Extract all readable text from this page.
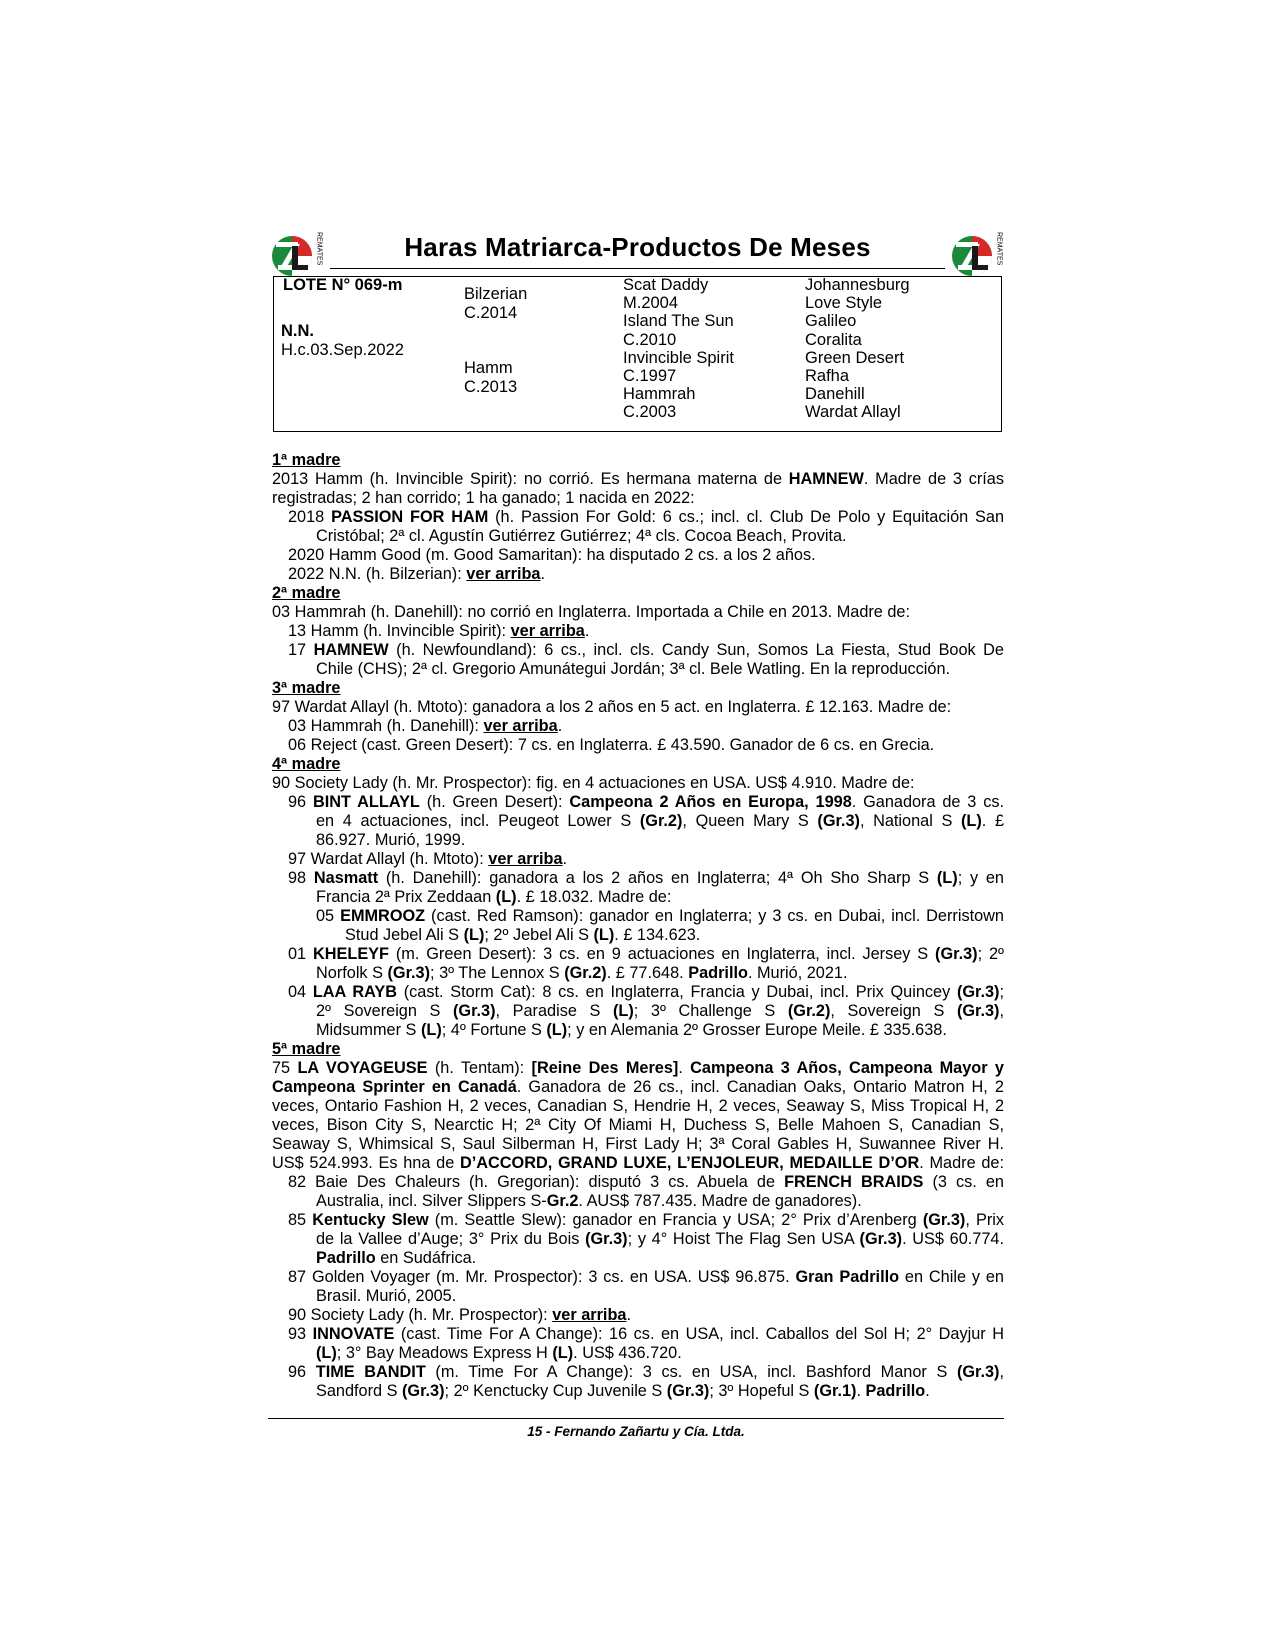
REMATES	REMATES
Haras Matriarca-Productos De Meses
LOTE N° 069-m
N.N.
H.c.03.Sep.2022
Bilzerian
C.2014
Hamm
C.2013
Scat Daddy
M.2004
Island The Sun
C.2010
Invincible Spirit
C.1997
Hammrah
C.2003
Johannesburg
Love Style
Galileo
Coralita
Green Desert
Rafha
Danehill
Wardat Allayl
1ª madre
2013 Hamm (h. Invincible Spirit): no corrió. Es hermana materna de HAMNEW. Madre de 3 crías
registradas; 2 han corrido; 1 ha ganado; 1 nacida en 2022:
2018 PASSION FOR HAM (h. Passion For Gold: 6 cs.; incl. cl. Club De Polo y Equitación San
Cristóbal; 2ª cl. Agustín Gutiérrez Gutiérrez; 4ª cls. Cocoa Beach, Provita.
2020 Hamm Good (m. Good Samaritan): ha disputado 2 cs. a los 2 años.
2022 N.N. (h. Bilzerian): ver arriba.
2ª madre
03 Hammrah (h. Danehill): no corrió en Inglaterra. Importada a Chile en 2013. Madre de:
13 Hamm (h. Invincible Spirit): ver arriba.
17 HAMNEW (h. Newfoundland): 6 cs., incl. cls. Candy Sun, Somos La Fiesta, Stud Book De
Chile (CHS); 2ª cl. Gregorio Amunátegui Jordán; 3ª cl. Bele Watling. En la reproducción.
3ª madre
97 Wardat Allayl (h. Mtoto): ganadora a los 2 años en 5 act. en Inglaterra. £ 12.163. Madre de:
03 Hammrah (h. Danehill): ver arriba.
06 Reject (cast. Green Desert): 7 cs. en Inglaterra. £ 43.590. Ganador de 6 cs. en Grecia.
4ª madre
90 Society Lady (h. Mr. Prospector): fig. en 4 actuaciones en USA. US$ 4.910. Madre de:
96 BINT ALLAYL (h. Green Desert): Campeona 2 Años en Europa, 1998. Ganadora de 3 cs.
en 4 actuaciones, incl. Peugeot Lower S (Gr.2), Queen Mary S (Gr.3), National S (L). £
86.927. Murió, 1999.
97 Wardat Allayl (h. Mtoto): ver arriba.
98 Nasmatt (h. Danehill): ganadora a los 2 años en Inglaterra; 4ª Oh Sho Sharp S (L); y en
Francia 2ª Prix Zeddaan (L). £ 18.032. Madre de:
05 EMMROOZ (cast. Red Ramson): ganador en Inglaterra; y 3 cs. en Dubai, incl. Derristown
Stud Jebel Ali S (L); 2º Jebel Ali S (L). £ 134.623.
01 KHELEYF (m. Green Desert): 3 cs. en 9 actuaciones en Inglaterra, incl. Jersey S (Gr.3); 2º
Norfolk S (Gr.3); 3º The Lennox S (Gr.2). £ 77.648. Padrillo. Murió, 2021.
04 LAA RAYB (cast. Storm Cat): 8 cs. en Inglaterra, Francia y Dubai, incl. Prix Quincey (Gr.3);
2º Sovereign S (Gr.3), Paradise S (L); 3º Challenge S (Gr.2), Sovereign S (Gr.3),
Midsummer S (L); 4º Fortune S (L); y en Alemania 2º Grosser Europe Meile. £ 335.638.
5ª madre
75 LA VOYAGEUSE (h. Tentam): [Reine Des Meres]. Campeona 3 Años, Campeona Mayor y
Campeona Sprinter en Canadá. Ganadora de 26 cs., incl. Canadian Oaks, Ontario Matron H, 2
veces, Ontario Fashion H, 2 veces, Canadian S, Hendrie H, 2 veces, Seaway S, Miss Tropical H, 2
veces, Bison City S, Nearctic H; 2ª City Of Miami H, Duchess S, Belle Mahoen S, Canadian S,
Seaway S, Whimsical S, Saul Silberman H, First Lady H; 3ª Coral Gables H, Suwannee River H.
US$ 524.993. Es hna de D’ACCORD, GRAND LUXE, L’ENJOLEUR, MEDAILLE D’OR. Madre de:
82 Baie Des Chaleurs (h. Gregorian): disputó 3 cs. Abuela de FRENCH BRAIDS (3 cs. en
Australia, incl. Silver Slippers S-Gr.2. AUS$ 787.435. Madre de ganadores).
85 Kentucky Slew (m. Seattle Slew): ganador en Francia y USA; 2° Prix d’Arenberg (Gr.3), Prix
de la Vallee d’Auge; 3° Prix du Bois (Gr.3); y 4° Hoist The Flag Sen USA (Gr.3). US$ 60.774.
Padrillo en Sudáfrica.
87 Golden Voyager (m. Mr. Prospector): 3 cs. en USA. US$ 96.875. Gran Padrillo en Chile y en
Brasil. Murió, 2005.
90 Society Lady (h. Mr. Prospector): ver arriba.
93 INNOVATE (cast. Time For A Change): 16 cs. en USA, incl. Caballos del Sol H; 2° Dayjur H
(L); 3° Bay Meadows Express H (L). US$ 436.720.
96 TIME BANDIT (m. Time For A Change): 3 cs. en USA, incl. Bashford Manor S (Gr.3),
Sandford S (Gr.3); 2º Kenctucky Cup Juvenile S (Gr.3); 3º Hopeful S (Gr.1). Padrillo.
15 - Fernando Zañartu y Cía. Ltda.
